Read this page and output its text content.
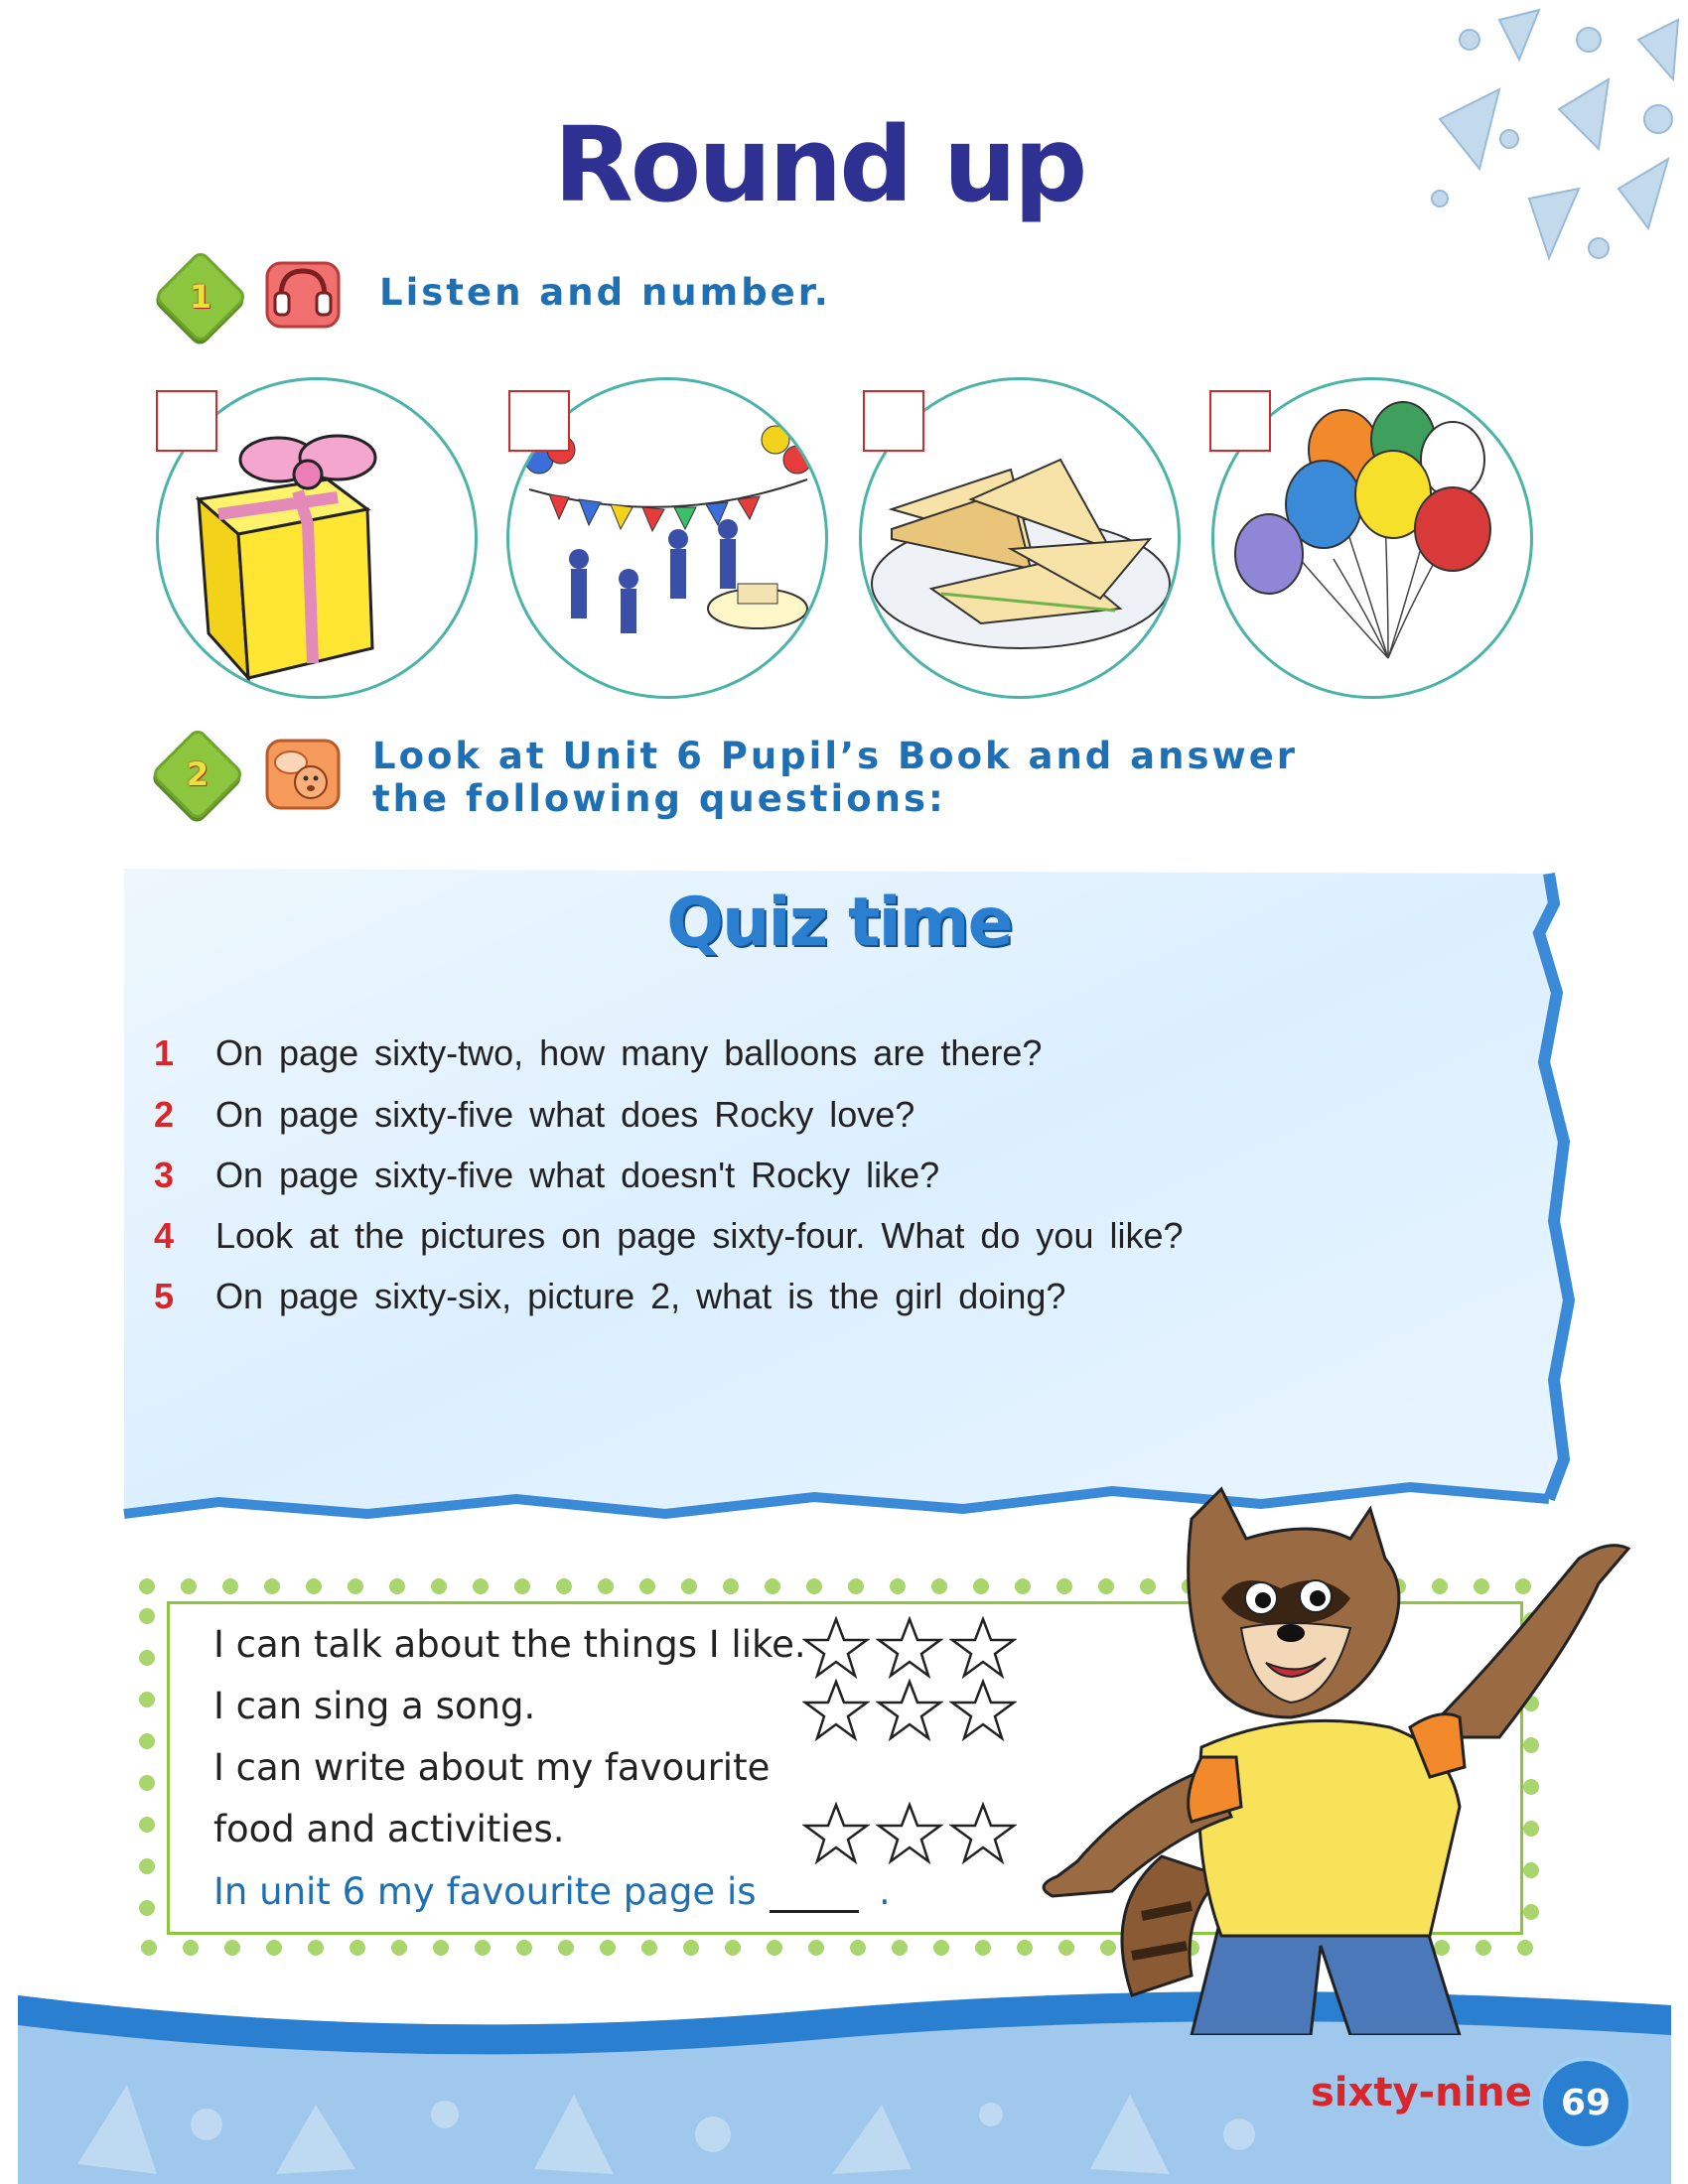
Round up
1	Listen and number.
2	Look at Unit 6 Pupil’s Book and answer
the following questions:
Quiz time
1	On page sixty-two, how many balloons are there?
2	On page sixty-five what does Rocky love?
3	On page sixty-five what doesn't Rocky like?
4	Look at the pictures on page sixty-four. What do you like?
5	On page sixty-six, picture 2, what is the girl doing?
I can talk about the things I like.
I can sing a song.
I can write about my favourite
food and activities.
In unit 6 my favourite page is	.
sixty-nine 69
